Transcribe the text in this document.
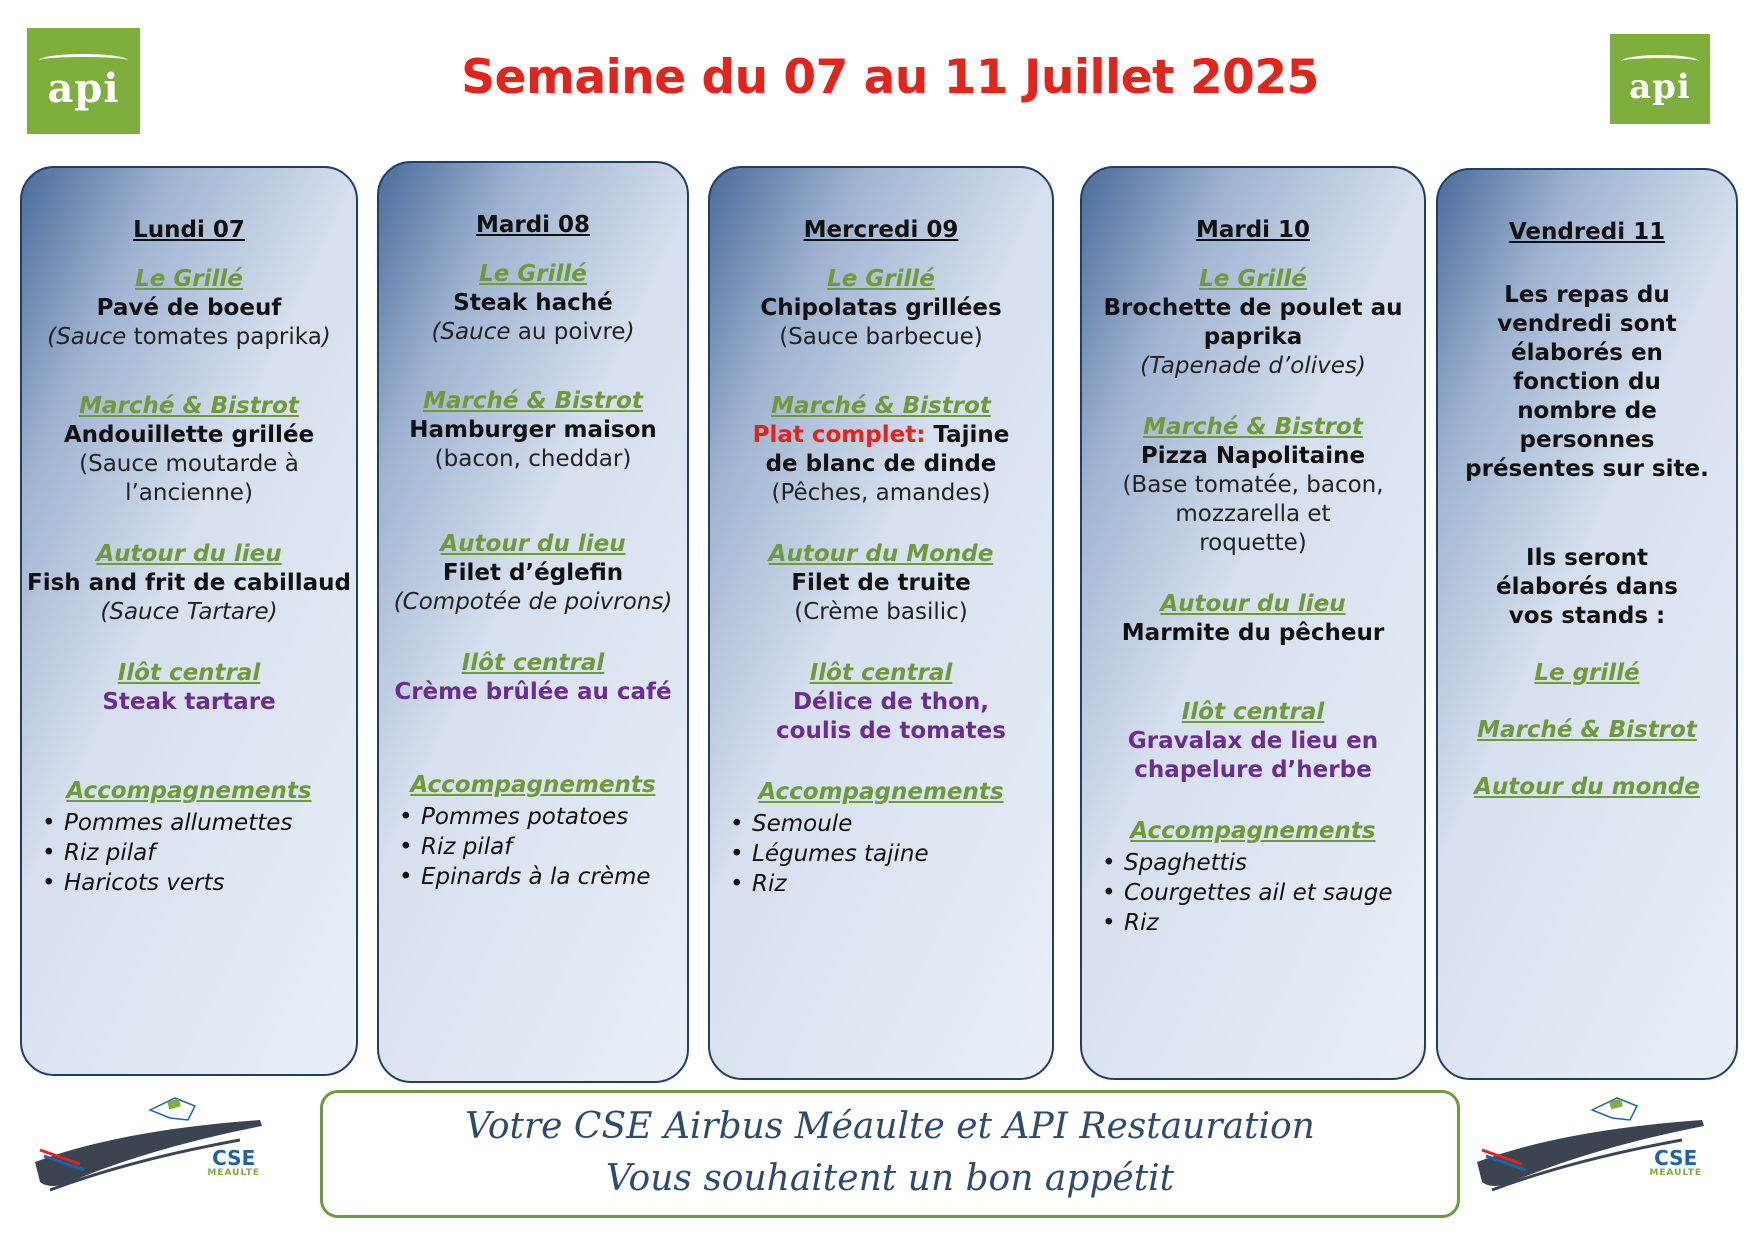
api	api
Semaine du 07 au 11 Juillet 2025
Lundi 07
Le Grillé
Pavé de boeuf
(Sauce tomates paprika)
Marché & Bistrot
Andouillette grillée
(Sauce moutarde à l’ancienne)
Autour du lieu
Fish and frit de cabillaud
(Sauce Tartare)
Ilôt central
Steak tartare
Accompagnements
• Pommes allumettes
• Riz pilaf
• Haricots verts
Mardi 08
Le Grillé
Steak haché
(Sauce au poivre)
Marché & Bistrot
Hamburger maison
(bacon, cheddar)
Autour du lieu
Filet d’églefin
(Compotée de poivrons)
Ilôt central
Crème brûlée au café
Accompagnements
• Pommes potatoes
• Riz pilaf
• Epinards à la crème
Mercredi 09
Le Grillé
Chipolatas grillées
(Sauce barbecue)
Marché & Bistrot
Plat complet: Tajine de blanc de dinde
(Pêches, amandes)
Autour du Monde
Filet de truite
(Crème basilic)
Ilôt central
Délice de thon, coulis de tomates
Accompagnements
• Semoule
• Légumes tajine
• Riz
Mardi 10
Le Grillé
Brochette de poulet au paprika
(Tapenade d’olives)
Marché & Bistrot
Pizza Napolitaine
(Base tomatée, bacon, mozzarella et roquette)
Autour du lieu
Marmite du pêcheur
Ilôt central
Gravalax de lieu en chapelure d’herbe
Accompagnements
• Spaghettis
• Courgettes ail et sauge
• Riz
Vendredi 11
Les repas du vendredi sont élaborés en fonction du nombre de personnes présentes sur site.
Ils seront élaborés dans vos stands :
Le grillé
Marché & Bistrot
Autour du monde
CSE
MEAULTE
CSE
MEAULTE
Votre CSE Airbus Méaulte et API Restauration
Vous souhaitent un bon appétit
